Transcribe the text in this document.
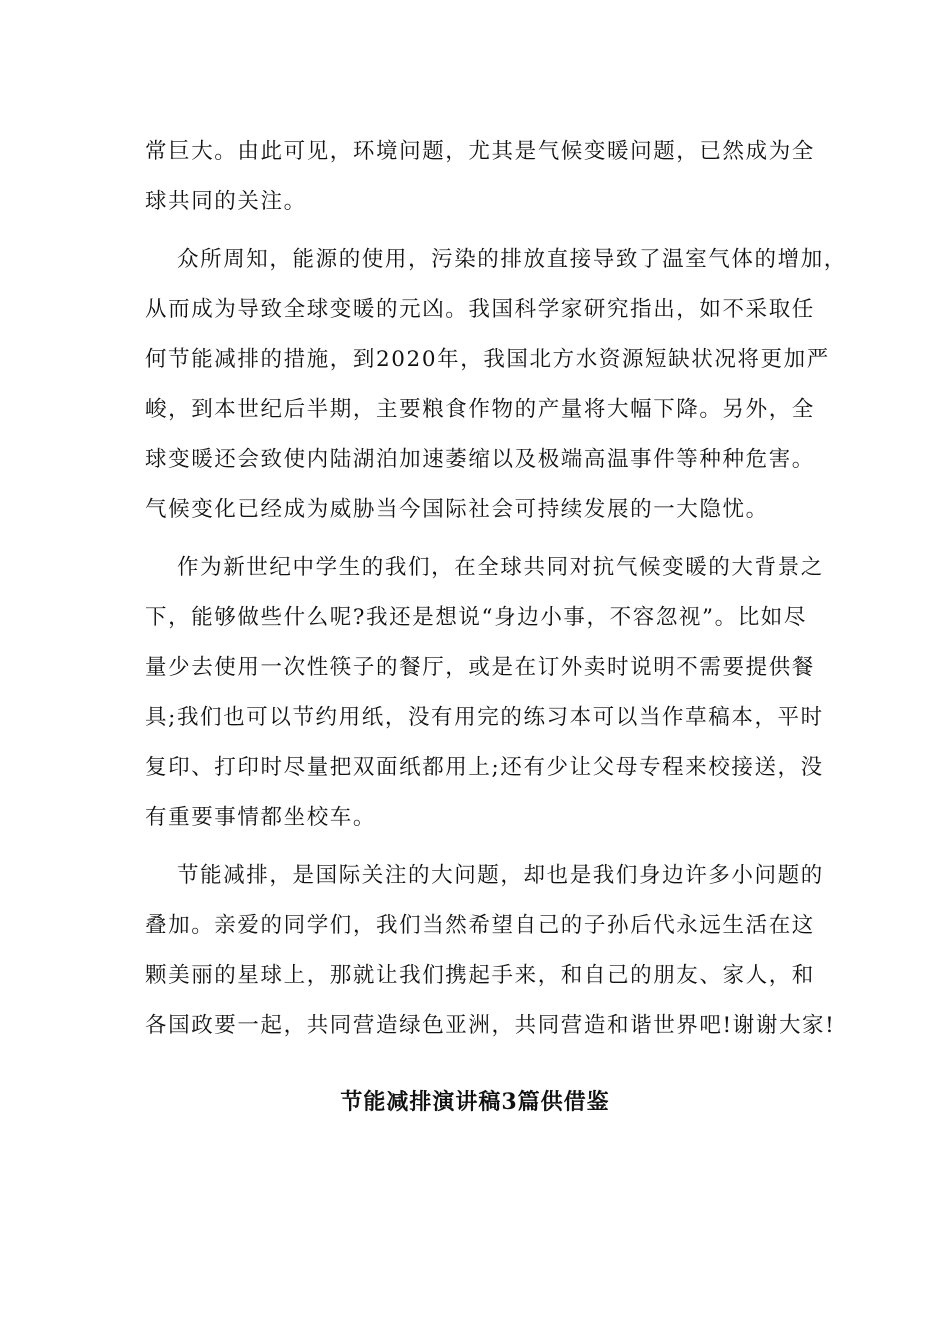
常巨大。由此可见，环境问题，尤其是气候变暖问题，已然成为全
球共同的关注。
众所周知，能源的使用，污染的排放直接导致了温室气体的增加，
从而成为导致全球变暖的元凶。我国科学家研究指出，如不采取任
何节能减排的措施，到2020年，我国北方水资源短缺状况将更加严
峻，到本世纪后半期，主要粮食作物的产量将大幅下降。另外，全
球变暖还会致使内陆湖泊加速萎缩以及极端高温事件等种种危害。
气候变化已经成为威胁当今国际社会可持续发展的一大隐忧。
作为新世纪中学生的我们，在全球共同对抗气候变暖的大背景之
下，能够做些什么呢?我还是想说“身边小事，不容忽视”。比如尽
量少去使用一次性筷子的餐厅，或是在订外卖时说明不需要提供餐
具;我们也可以节约用纸，没有用完的练习本可以当作草稿本，平时
复印、打印时尽量把双面纸都用上;还有少让父母专程来校接送，没
有重要事情都坐校车。
节能减排，是国际关注的大问题，却也是我们身边许多小问题的
叠加。亲爱的同学们，我们当然希望自己的子孙后代永远生活在这
颗美丽的星球上，那就让我们携起手来，和自己的朋友、家人，和
各国政要一起，共同营造绿色亚洲，共同营造和谐世界吧!谢谢大家!
节能减排演讲稿3篇供借鉴
